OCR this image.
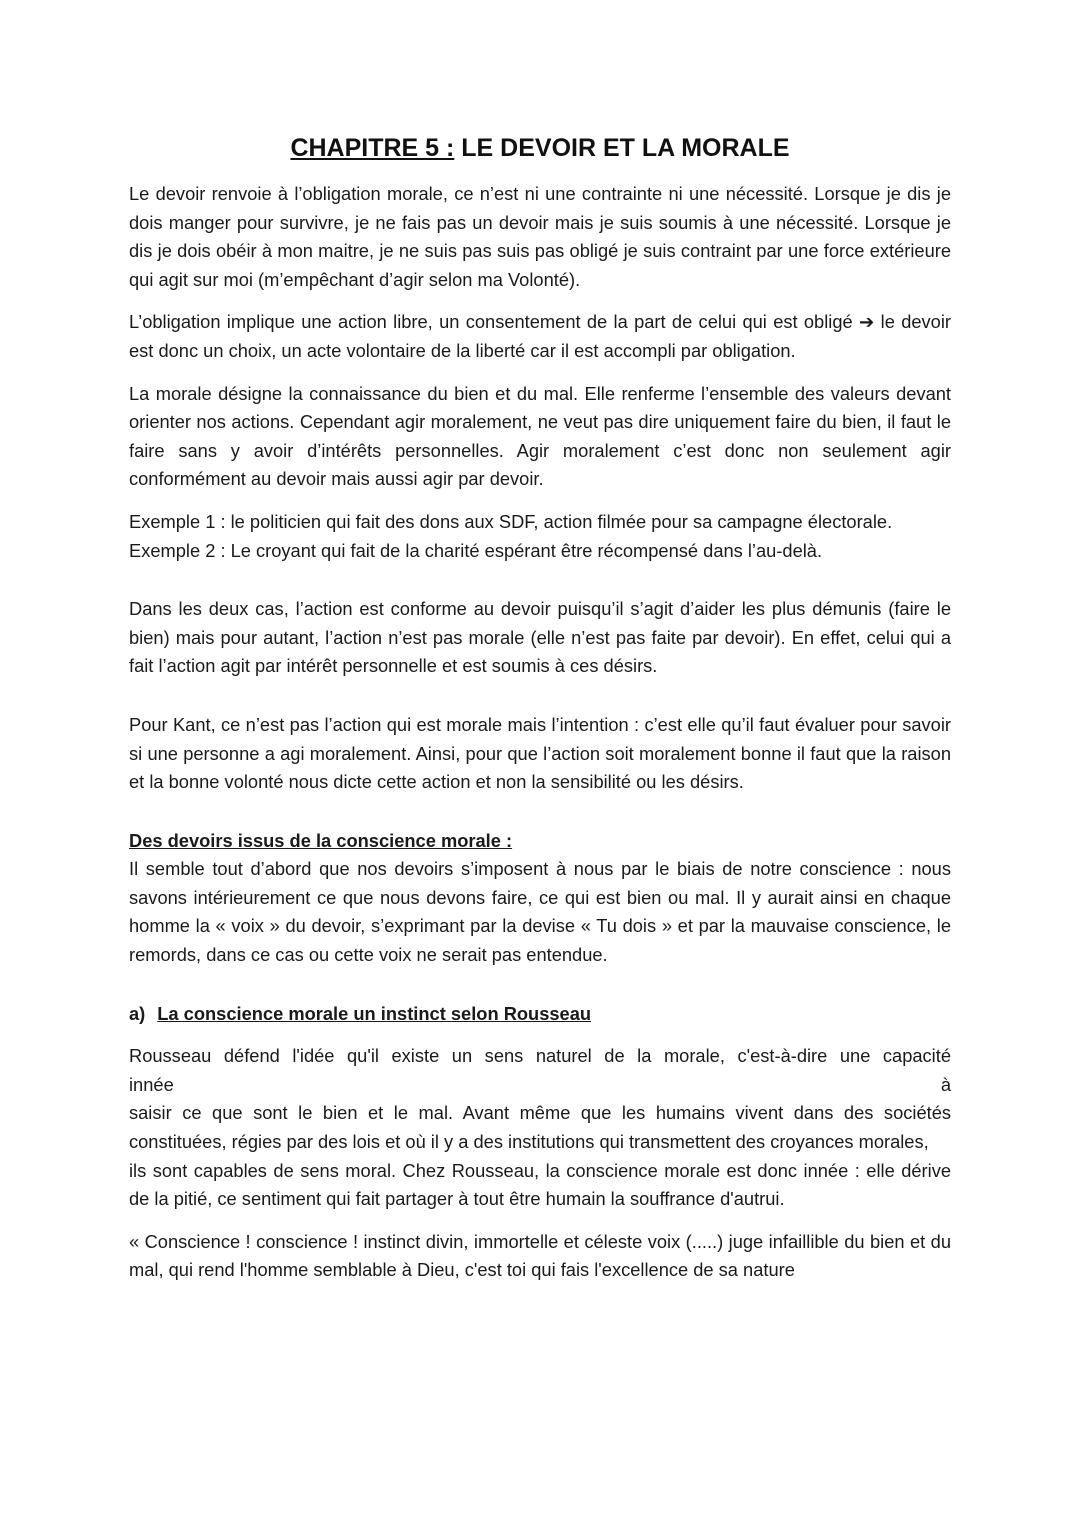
CHAPITRE 5 : LE DEVOIR ET LA MORALE

Le devoir renvoie à l’obligation morale, ce n’est ni une contrainte ni une nécessité. Lorsque je dis je dois manger pour survivre, je ne fais pas un devoir mais je suis soumis à une nécessité. Lorsque je dis je dois obéir à mon maitre, je ne suis pas suis pas obligé je suis contraint par une force extérieure qui agit sur moi (m’empêchant d’agir selon ma Volonté).

L’obligation implique une action libre, un consentement de la part de celui qui est obligé ➔ le devoir est donc un choix, un acte volontaire de la liberté car il est accompli par obligation.

La morale désigne la connaissance du bien et du mal. Elle renferme l’ensemble des valeurs devant orienter nos actions. Cependant agir moralement, ne veut pas dire uniquement faire du bien, il faut le faire sans y avoir d’intérêts personnelles. Agir moralement c’est donc non seulement agir conformément au devoir mais aussi agir par devoir.

Exemple 1 : le politicien qui fait des dons aux SDF, action filmée pour sa campagne électorale.

Exemple 2 : Le croyant qui fait de la charité espérant être récompensé dans l’au-delà.

Dans les deux cas, l’action est conforme au devoir puisqu’il s’agit d’aider les plus démunis (faire le bien) mais pour autant, l’action n’est pas morale (elle n’est pas faite par devoir). En effet, celui qui a fait l’action agit par intérêt personnelle et est soumis à ces désirs.

Pour Kant, ce n’est pas l’action qui est morale mais l’intention : c’est elle qu’il faut évaluer pour savoir si une personne a agi moralement. Ainsi, pour que l’action soit moralement bonne il faut que la raison et la bonne volonté nous dicte cette action et non la sensibilité ou les désirs.

Des devoirs issus de la conscience morale :

Il semble tout d’abord que nos devoirs s’imposent à nous par le biais de notre conscience : nous savons intérieurement ce que nous devons faire, ce qui est bien ou mal. Il y aurait ainsi en chaque homme la « voix » du devoir, s’exprimant par la devise « Tu dois » et par la mauvaise conscience, le remords, dans ce cas ou cette voix ne serait pas entendue.

a) La conscience morale un instinct selon Rousseau

Rousseau défend l'idée qu'il existe un sens naturel de la morale, c'est-à-dire une capacité

innée à

saisir ce que sont le bien et le mal. Avant même que les humains vivent dans des sociétés constituées, régies par des lois et où il y a des institutions qui transmettent des croyances morales,

ils sont capables de sens moral. Chez Rousseau, la conscience morale est donc innée : elle dérive de la pitié, ce sentiment qui fait partager à tout être humain la souffrance d'autrui.

« Conscience ! conscience ! instinct divin, immortelle et céleste voix (.....) juge infaillible du bien et du mal, qui rend l'homme semblable à Dieu, c'est toi qui fais l'excellence de sa nature
